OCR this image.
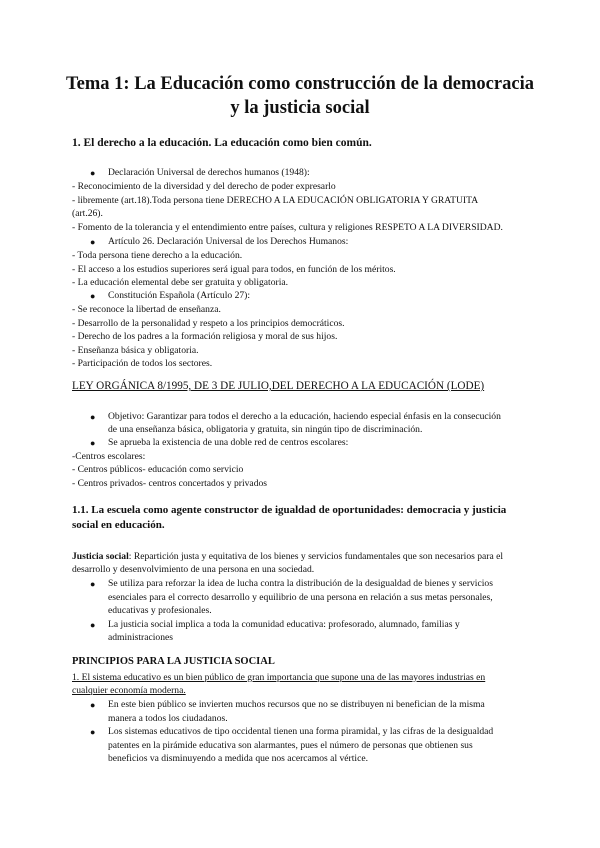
Tema 1: La Educación como construcción de la democracia y la justicia social
1. El derecho a la educación. La educación como bien común.
● Declaración Universal de derechos humanos (1948):
- Reconocimiento de la diversidad y del derecho de poder expresarlo
- libremente (art.18).Toda persona tiene DERECHO A LA EDUCACIÓN OBLIGATORIA Y GRATUITA
(art.26).
- Fomento de la tolerancia y el entendimiento entre países, cultura y religiones RESPETO A LA DIVERSIDAD.
● Artículo 26. Declaración Universal de los Derechos Humanos:
- Toda persona tiene derecho a la educación.
- El acceso a los estudios superiores será igual para todos, en función de los méritos.
- La educación elemental debe ser gratuita y obligatoria.
● Constitución Española (Artículo 27):
- Se reconoce la libertad de enseñanza.
- Desarrollo de la personalidad y respeto a los principios democráticos.
- Derecho de los padres a la formación religiosa y moral de sus hijos.
- Enseñanza básica y obligatoria.
- Participación de todos los sectores.
LEY ORGÁNICA 8/1995, DE 3 DE JULIO,DEL DERECHO A LA EDUCACIÓN (LODE)
● Objetivo: Garantizar para todos el derecho a la educación, haciendo especial énfasis en la consecución
de una enseñanza básica, obligatoria y gratuita, sin ningún tipo de discriminación.
● Se aprueba la existencia de una doble red de centros escolares:
-Centros escolares:
- Centros públicos- educación como servicio
- Centros privados- centros concertados y privados
1.1. La escuela como agente constructor de igualdad de oportunidades: democracia y justicia social en educación.
Justicia social: Repartición justa y equitativa de los bienes y servicios fundamentales que son necesarios para el
desarrollo y desenvolvimiento de una persona en una sociedad.
● Se utiliza para reforzar la idea de lucha contra la distribución de la desigualdad de bienes y servicios
esenciales para el correcto desarrollo y equilibrio de una persona en relación a sus metas personales,
educativas y profesionales.
● La justicia social implica a toda la comunidad educativa: profesorado, alumnado, familias y
administraciones
PRINCIPIOS PARA LA JUSTICIA SOCIAL
1. El sistema educativo es un bien público de gran importancia que supone una de las mayores industrias en
cualquier economía moderna.
● En este bien público se invierten muchos recursos que no se distribuyen ni benefician de la misma
manera a todos los ciudadanos.
● Los sistemas educativos de tipo occidental tienen una forma piramidal, y las cifras de la desigualdad
patentes en la pirámide educativa son alarmantes, pues el número de personas que obtienen sus
beneficios va disminuyendo a medida que nos acercamos al vértice.
